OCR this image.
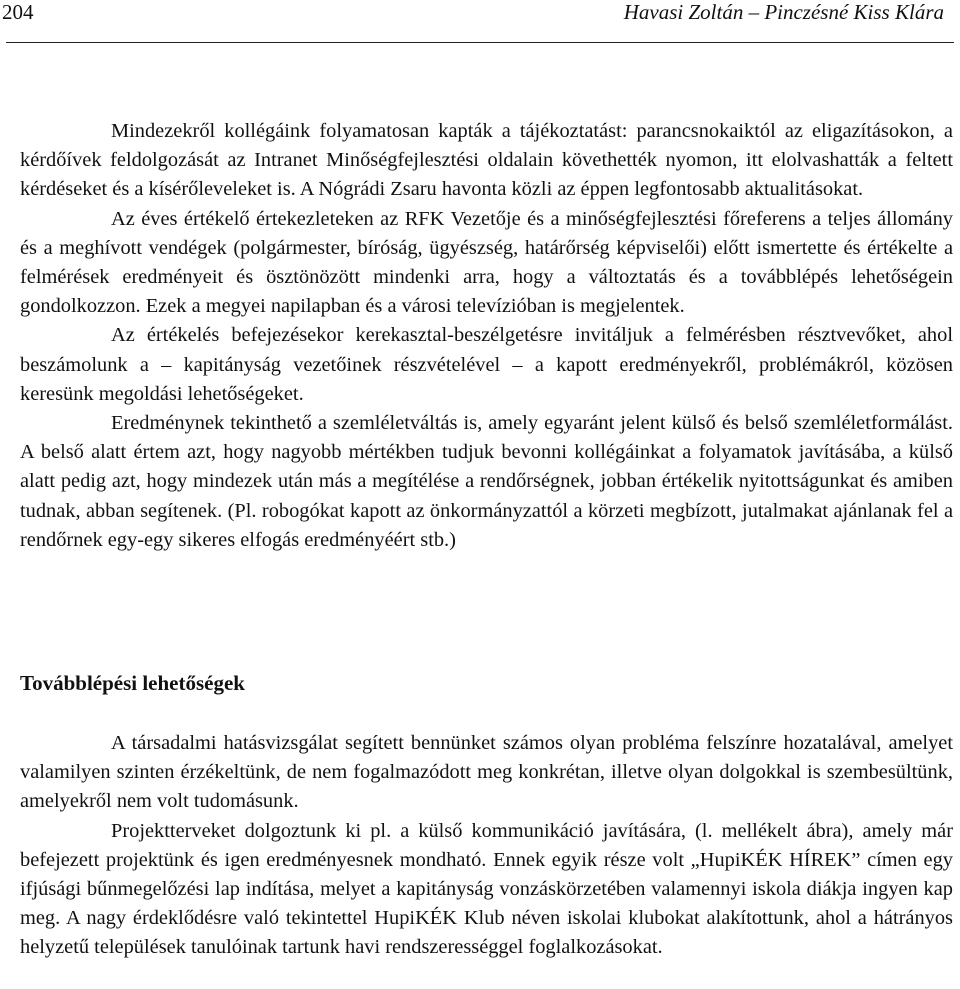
204	Havasi Zoltán – Pinczésné Kiss Klára

Mindezekről kollégáink folyamatosan kapták a tájékoztatást: parancsnokaiktól az eligazításokon, a kérdőívek feldolgozását az Intranet Minőségfejlesztési oldalain követhették nyomon, itt elolvashatták a feltett kérdéseket és a kísérőleveleket is. A Nógrádi Zsaru havonta közli az éppen legfontosabb aktualitásokat.

Az éves értékelő értekezleteken az RFK Vezetője és a minőségfejlesztési főreferens a teljes állomány és a meghívott vendégek (polgármester, bíróság, ügyészség, határőrség képviselői) előtt ismertette és értékelte a felmérések eredményeit és ösztönözött mindenki arra, hogy a változtatás és a továbblépés lehetőségein gondolkozzon. Ezek a megyei napilapban és a városi televízióban is megjelentek.

Az értékelés befejezésekor kerekasztal-beszélgetésre invitáljuk a felmérésben résztvevőket, ahol beszámolunk a – kapitányság vezetőinek részvételével – a kapott eredményekről, problémákról, közösen keresünk megoldási lehetőségeket.

Eredménynek tekinthető a szemléletváltás is, amely egyaránt jelent külső és belső szemléletformálást. A belső alatt értem azt, hogy nagyobb mértékben tudjuk bevonni kollégáinkat a folyamatok javításába, a külső alatt pedig azt, hogy mindezek után más a megítélése a rendőrségnek, jobban értékelik nyitottságunkat és amiben tudnak, abban segítenek. (Pl. robogókat kapott az önkormányzattól a körzeti megbízott, jutalmakat ajánlanak fel a rendőrnek egy-egy sikeres elfogás eredményéért stb.)

Továbblépési lehetőségek

A társadalmi hatásvizsgálat segített bennünket számos olyan probléma felszínre hozatalával, amelyet valamilyen szinten érzékeltünk, de nem fogalmazódott meg konkrétan, illetve olyan dolgokkal is szembesültünk, amelyekről nem volt tudomásunk.

Projektterveket dolgoztunk ki pl. a külső kommunikáció javítására, (l. mellékelt ábra), amely már befejezett projektünk és igen eredményesnek mondható. Ennek egyik része volt „HupiKÉK HÍREK” címen egy ifjúsági bűnmegelőzési lap indítása, melyet a kapitányság vonzáskörzetében valamennyi iskola diákja ingyen kap meg. A nagy érdeklődésre való tekintettel HupiKÉK Klub néven iskolai klubokat alakítottunk, ahol a hátrányos helyzetű települések tanulóinak tartunk havi rendszerességgel foglalkozásokat.
